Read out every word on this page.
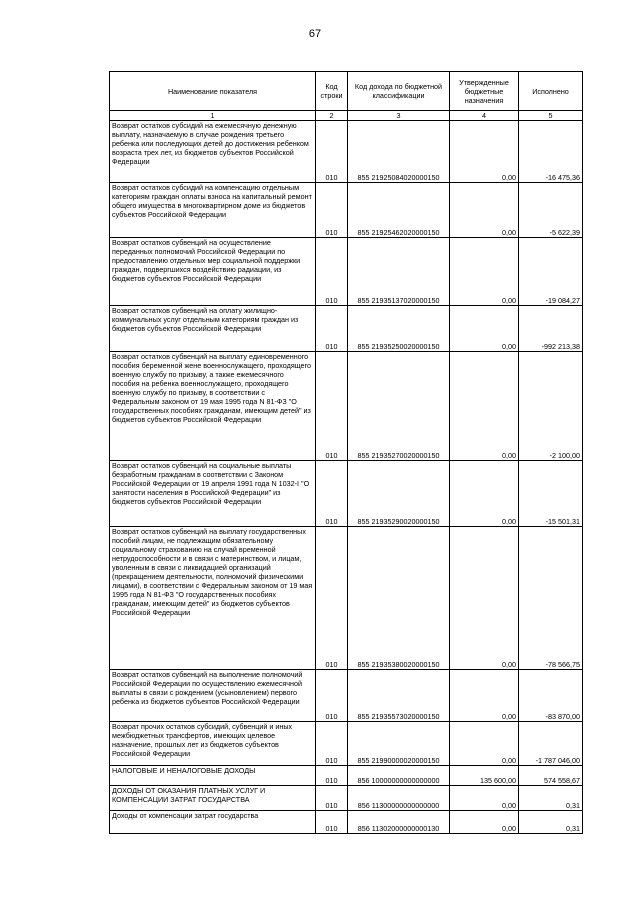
67
Наименование показателя	Код строки	Код дохода по бюджетной классификации	Утвержденные бюджетные назначения	Исполнено
1	2	3	4	5
Возврат остатков субсидий на ежемесячную денежную выплату, назначаемую в случае рождения третьего ребенка или последующих детей до достижения ребенком возраста трех лет, из бюджетов субъектов Российской Федерации	010	855 21925084020000150	0,00	-16 475,36
Возврат остатков субсидий на компенсацию отдельным категориям граждан оплаты взноса на капитальный ремонт общего имущества в многоквартирном доме из бюджетов субъектов Российской Федерации	010	855 21925462020000150	0,00	-5 622,39
Возврат остатков субвенций на осуществление переданных полномочий Российской Федерации по предоставлению отдельных мер социальной поддержки граждан, подвергшихся воздействию радиации, из бюджетов субъектов Российской Федерации	010	855 21935137020000150	0,00	-19 084,27
Возврат остатков субвенций на оплату жилищно-коммунальных услуг отдельным категориям граждан из бюджетов субъектов Российской Федерации	010	855 21935250020000150	0,00	-992 213,38
Возврат остатков субвенций на выплату единовременного пособия беременной жене военнослужащего, проходящего военную службу по призыву, а также ежемесячного пособия на ребенка военнослужащего, проходящего военную службу по призыву, в соответствии с Федеральным законом от 19 мая 1995 года N 81-ФЗ "О государственных пособиях гражданам, имеющим детей" из бюджетов субъектов Российской Федерации	010	855 21935270020000150	0,00	-2 100,00
Возврат остатков субвенций на социальные выплаты безработным гражданам в соответствии с Законом Российской Федерации от 19 апреля 1991 года N 1032-I "О занятости населения в Российской Федерации" из бюджетов субъектов Российской Федерации	010	855 21935290020000150	0,00	-15 501,31
Возврат остатков субвенций на выплату государственных пособий лицам, не подлежащим обязательному социальному страхованию на случай временной нетрудоспособности и в связи с материнством, и лицам, уволенным в связи с ликвидацией организаций (прекращением деятельности, полномочий физическими лицами), в соответствии с Федеральным законом от 19 мая 1995 года N 81-ФЗ "О государственных пособиях гражданам, имеющим детей" из бюджетов субъектов Российской Федерации	010	855 21935380020000150	0,00	-78 566,75
Возврат остатков субвенций на выполнение полномочий Российской Федерации по осуществлению ежемесячной выплаты в связи с рождением (усыновлением) первого ребенка из бюджетов субъектов Российской Федерации	010	855 21935573020000150	0,00	-83 870,00
Возврат прочих остатков субсидий, субвенций и иных межбюджетных трансфертов, имеющих целевое назначение, прошлых лет из бюджетов субъектов Российской Федерации	010	855 21990000020000150	0,00	-1 787 046,00
НАЛОГОВЫЕ И НЕНАЛОГОВЫЕ ДОХОДЫ	010	856 10000000000000000	135 600,00	574 558,67
ДОХОДЫ ОТ ОКАЗАНИЯ ПЛАТНЫХ УСЛУГ И КОМПЕНСАЦИИ ЗАТРАТ ГОСУДАРСТВА	010	856 11300000000000000	0,00	0,31
Доходы от компенсации затрат государства	010	856 11302000000000130	0,00	0,31
